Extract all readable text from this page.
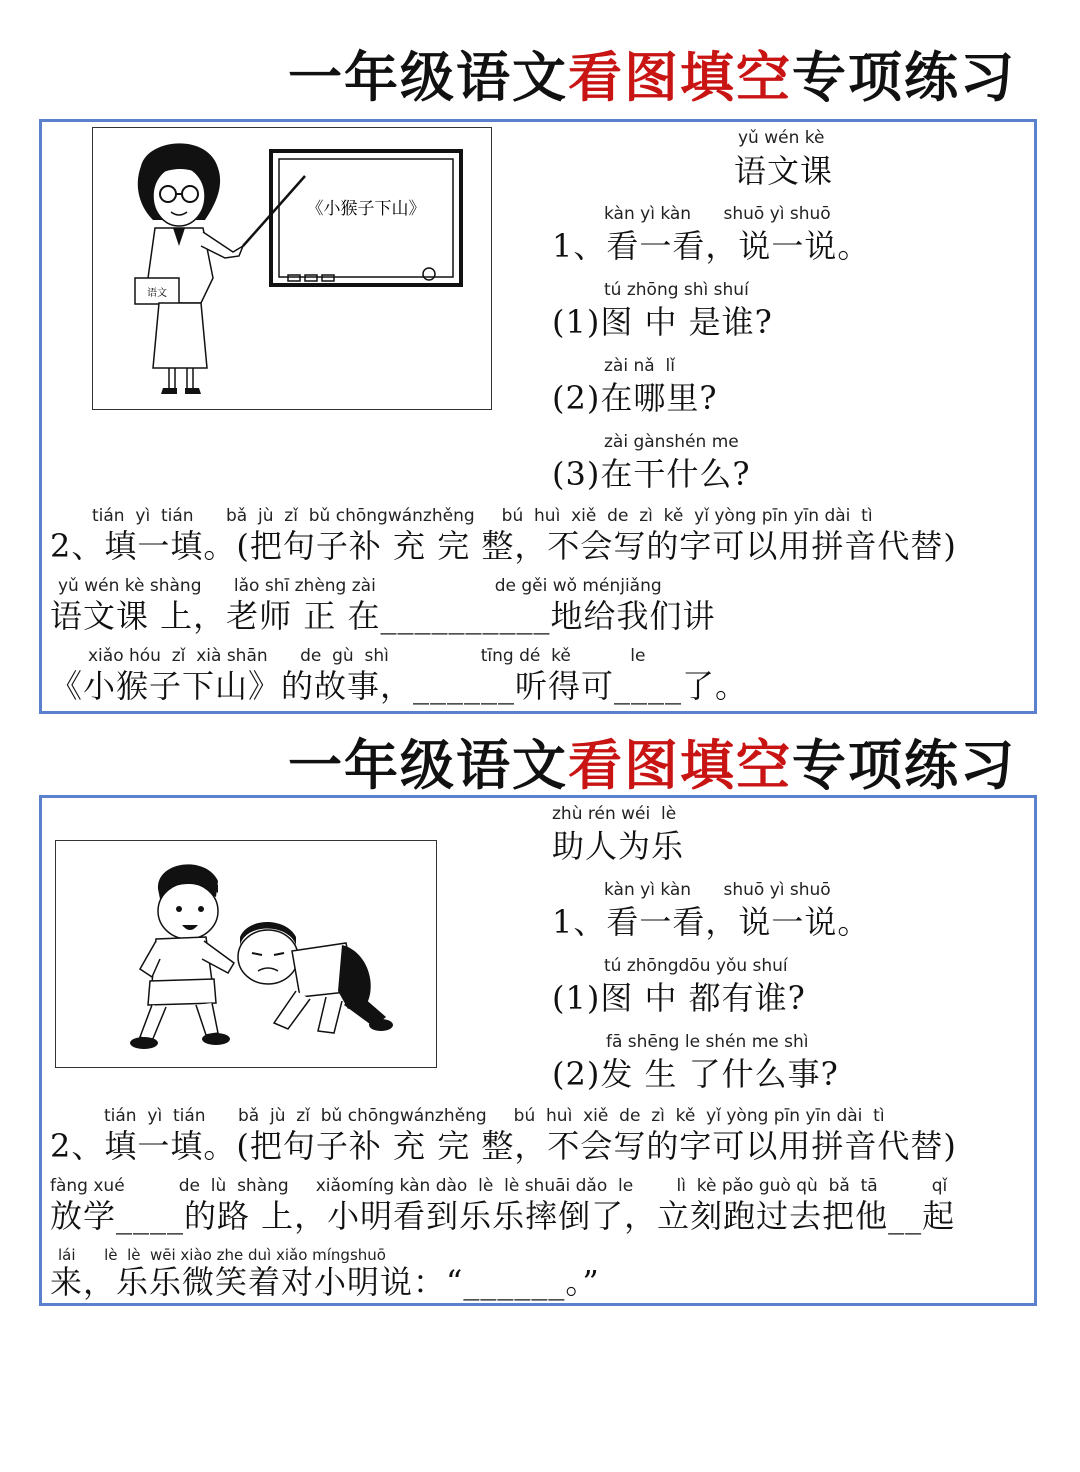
一年级语文看图填空专项练习
《小猴子下山》
语文
yǔ wén kè
语文课
kàn yì kàn      shuō yì shuō
1、看一看，说一说。
tú zhōng shì shuí
(1)图 中 是谁?
zài nǎ  lǐ
(2)在哪里?
zài gànshén me
(3)在干什么?
tián  yì  tián      bǎ  jù  zǐ  bǔ chōngwánzhěng     bú  huì  xiě  de  zì  kě  yǐ yòng pīn yīn dài  tì
2、填一填。(把句子补 充 完 整，不会写的字可以用拼音代替)
yǔ wén kè shàng      lǎo shī zhèng zài                      de gěi wǒ ménjiǎng
语文课 上，老师 正 在__________地给我们讲
xiǎo hóu  zǐ  xià shān      de  gù  shì                 tīng dé  kě           le
《小猴子下山》的故事，______听得可____了。
一年级语文看图填空专项练习
zhù rén wéi  lè
助人为乐
kàn yì kàn      shuō yì shuō
1、看一看，说一说。
tú zhōngdōu yǒu shuí
(1)图 中 都有谁?
fā shēng le shén me shì
(2)发 生 了什么事?
tián  yì  tián      bǎ  jù  zǐ  bǔ chōngwánzhěng     bú  huì  xiě  de  zì  kě  yǐ yòng pīn yīn dài  tì
2、填一填。(把句子补 充 完 整，不会写的字可以用拼音代替)
fàng xué          de  lù  shàng     xiǎomíng kàn dào  lè  lè shuāi dǎo  le        lì  kè pǎo guò qù  bǎ  tā          qǐ
放学____的路 上，小明看到乐乐摔倒了，立刻跑过去把他__起
lái      lè  lè  wēi xiào zhe duì xiǎo míngshuō
来，乐乐微笑着对小明说：“______。”
